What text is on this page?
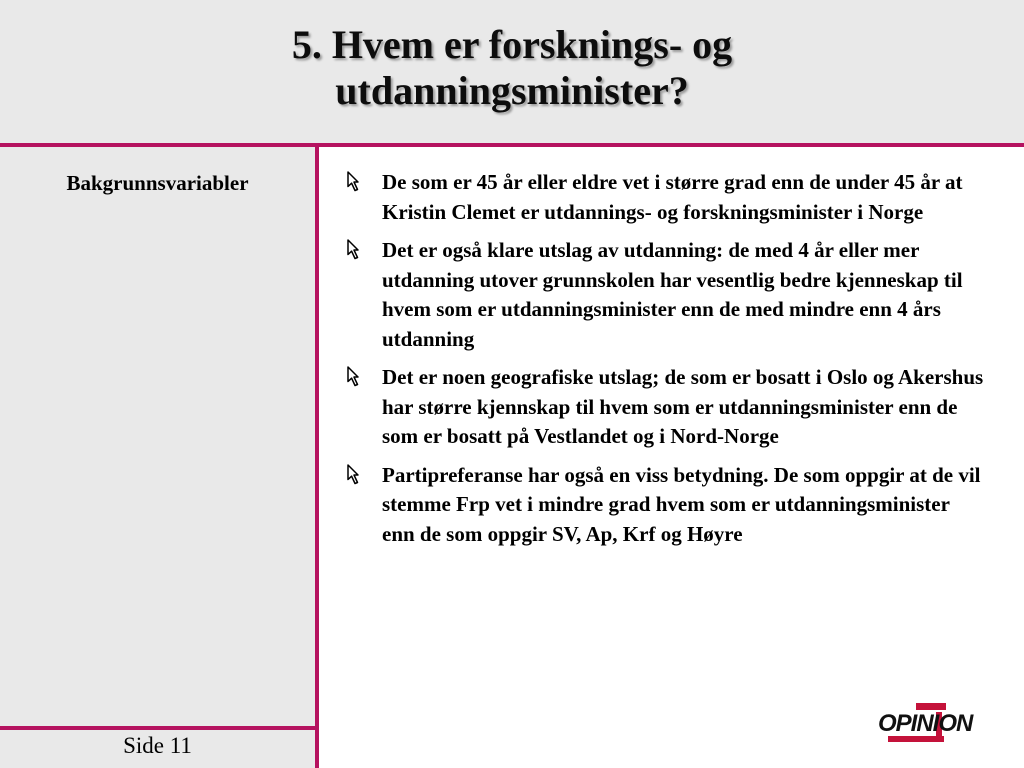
5. Hvem er forsknings- og
utdanningsminister?
Bakgrunnsvariabler
Side 11
De som er 45 år eller eldre vet i større grad enn de under 45 år at Kristin Clemet er utdannings- og forskningsminister i Norge
Det er også klare utslag av utdanning: de med 4 år eller mer utdanning utover grunnskolen har vesentlig bedre kjenneskap til hvem som er utdanningsminister enn de med mindre enn 4 års utdanning
Det er noen geografiske utslag; de som er bosatt i Oslo og Akershus har større kjennskap til hvem som er utdanningsminister enn de som er bosatt på Vestlandet og i Nord-Norge
Partipreferanse har også en viss betydning. De som oppgir at de vil stemme Frp vet i mindre grad hvem som er utdanningsminister enn de som oppgir SV, Ap, Krf og Høyre
OPINION
